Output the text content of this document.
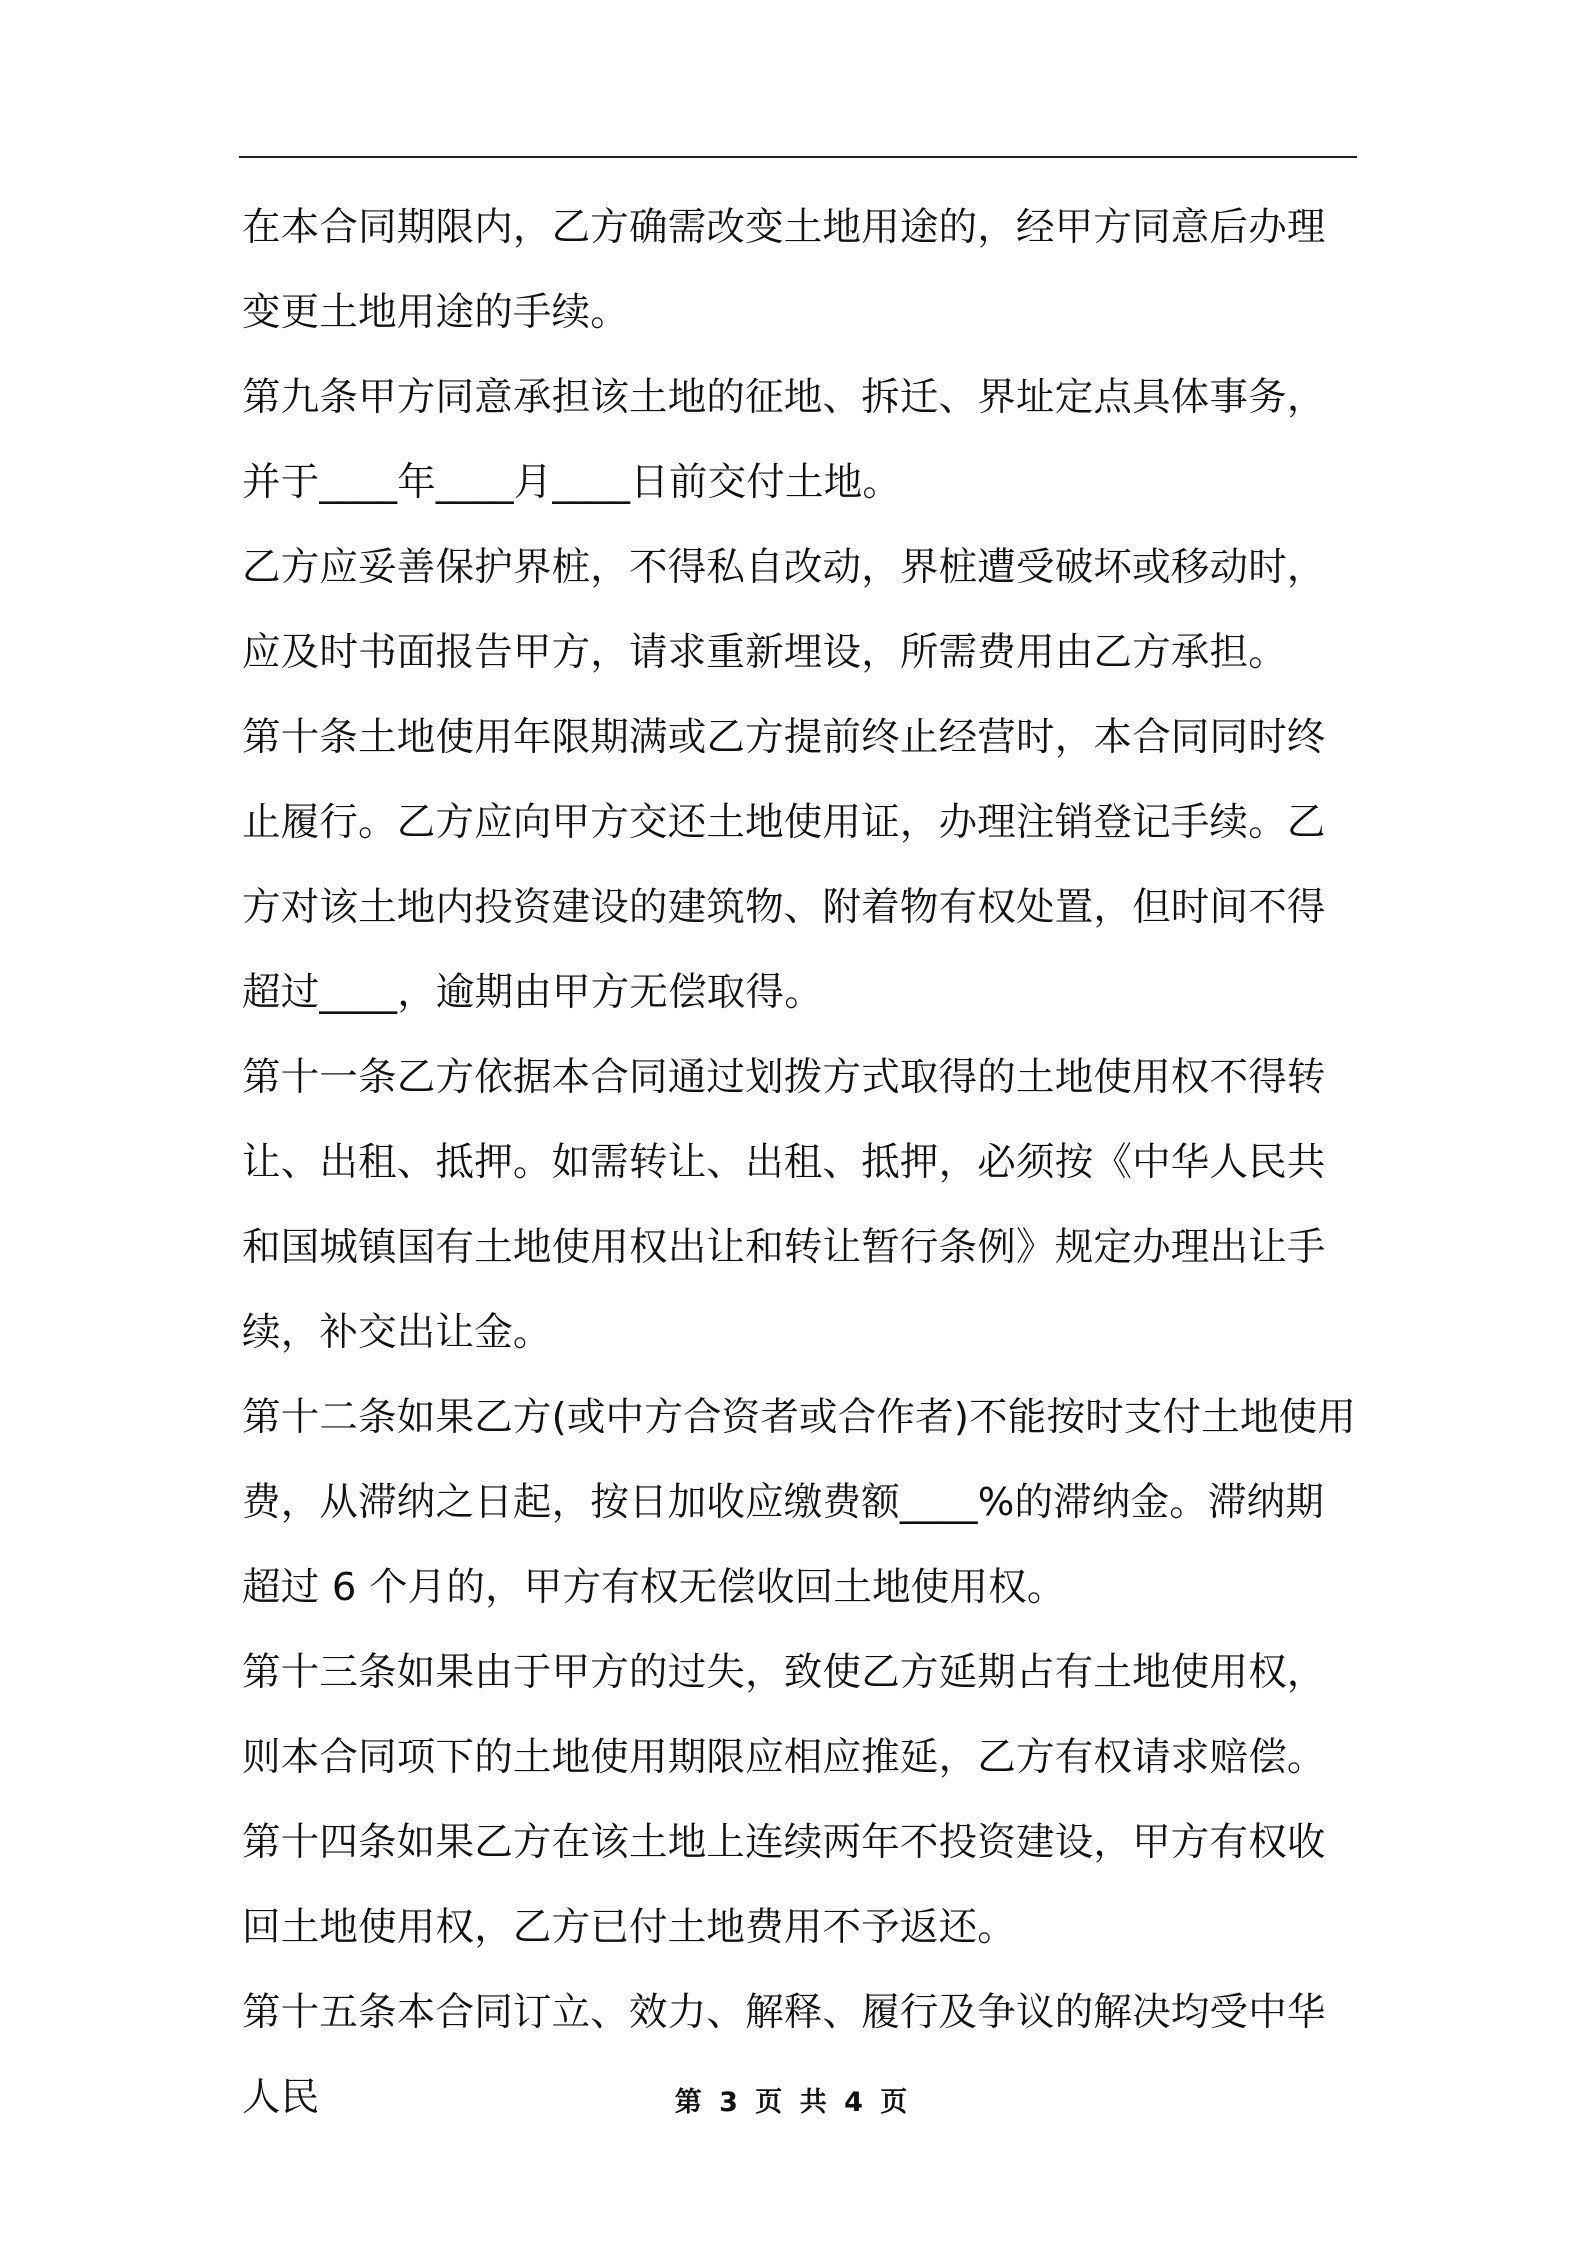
在本合同期限内，乙方确需改变土地用途的，经甲方同意后办理变更土地用途的手续。

第九条甲方同意承担该土地的征地、拆迁、界址定点具体事务，并于____年____月____日前交付土地。

乙方应妥善保护界桩，不得私自改动，界桩遭受破坏或移动时，应及时书面报告甲方，请求重新埋设，所需费用由乙方承担。

第十条土地使用年限期满或乙方提前终止经营时，本合同同时终止履行。乙方应向甲方交还土地使用证，办理注销登记手续。乙方对该土地内投资建设的建筑物、附着物有权处置，但时间不得超过____，逾期由甲方无偿取得。

第十一条乙方依据本合同通过划拨方式取得的土地使用权不得转让、出租、抵押。如需转让、出租、抵押，必须按《中华人民共和国城镇国有土地使用权出让和转让暂行条例》规定办理出让手续，补交出让金。

第十二条如果乙方(或中方合资者或合作者)不能按时支付土地使用费，从滞纳之日起，按日加收应缴费额____%的滞纳金。滞纳期超过 6 个月的，甲方有权无偿收回土地使用权。

第十三条如果由于甲方的过失，致使乙方延期占有土地使用权，则本合同项下的土地使用期限应相应推延，乙方有权请求赔偿。

第十四条如果乙方在该土地上连续两年不投资建设，甲方有权收回土地使用权，乙方已付土地费用不予返还。

第十五条本合同订立、效力、解释、履行及争议的解决均受中华人民	第 3 页 共 4 页
